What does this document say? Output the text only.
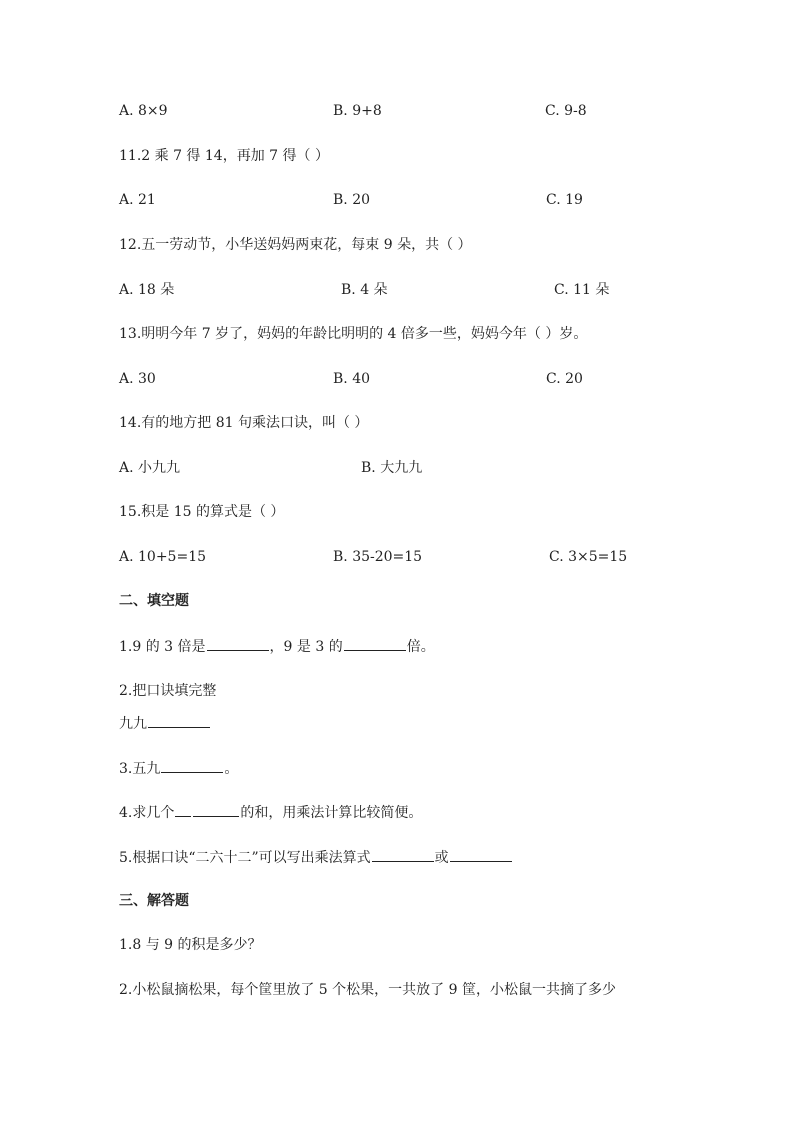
A. 8×9	B. 9+8	C. 9-8
11.2 乘 7 得 14，再加 7 得（ ）
A. 21	B. 20	C. 19
12.五一劳动节，小华送妈妈两束花，每束 9 朵，共（ ）
A. 18 朵	B. 4 朵	C. 11 朵
13.明明今年 7 岁了，妈妈的年龄比明明的 4 倍多一些，妈妈今年（ ）岁。
A. 30	B. 40	C. 20
14.有的地方把 81 句乘法口诀，叫（ ）
A. 小九九	B. 大九九
15.积是 15 的算式是（ ）
A. 10+5=15	B. 35-20=15	C. 3×5=15
二、填空题
1.9 的 3 倍是	，9 是 3 的	倍。
2.把口诀填完整
九九
3.五九	。
4.求几个	的和，用乘法计算比较简便。
5.根据口诀“二六十二”可以写出乘法算式	或
三、解答题
1.8 与 9 的积是多少？
2.小松鼠摘松果，每个筐里放了 5 个松果，一共放了 9 筐，小松鼠一共摘了多少
